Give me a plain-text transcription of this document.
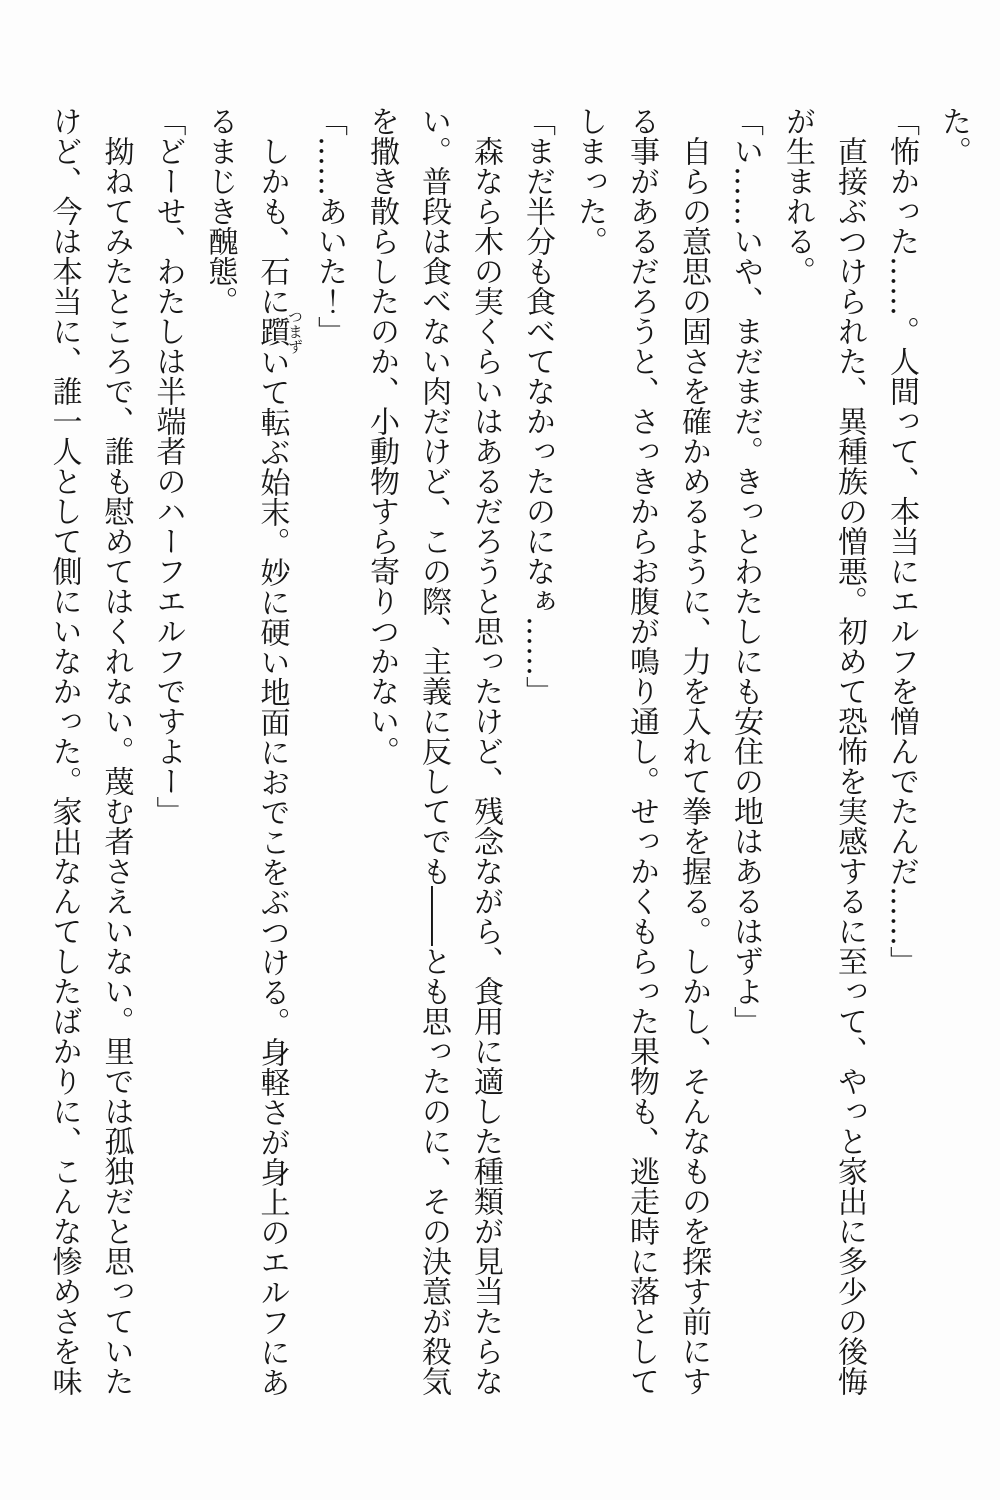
た。

「怖かった……。人間って、本当にエルフを憎んでたんだ……」

直接ぶつけられた、異種族の憎悪。初めて恐怖を実感するに至って、やっと家出に多少の後悔が生まれる。

「い……いや、まだまだ。きっとわたしにも安住の地はあるはずよ」

自らの意思の固さを確かめるように、力を入れて拳を握る。しかし、そんなものを探す前にする事があるだろうと、さっきからお腹が鳴り通し。せっかくもらった果物も、逃走時に落としてしまった。

「まだ半分も食べてなかったのになぁ……」

森なら木の実くらいはあるだろうと思ったけど、残念ながら、食用に適した種類が見当たらない。普段は食べない肉だけど、この際、主義に反してでも――とも思ったのに、その決意が殺気を撒き散らしたのか、小動物すら寄りつかない。

「……あいた！」

しかも、石に躓つまずいて転ぶ始末。妙に硬い地面におでこをぶつける。身軽さが身上のエルフにあるまじき醜態。

「どーせ、わたしは半端者のハーフエルフですよー」

拗ねてみたところで、誰も慰めてはくれない。蔑む者さえいない。里では孤独だと思っていたけど、今は本当に、誰一人として側にいなかった。家出なんてしたばかりに、こんな惨めさを味
